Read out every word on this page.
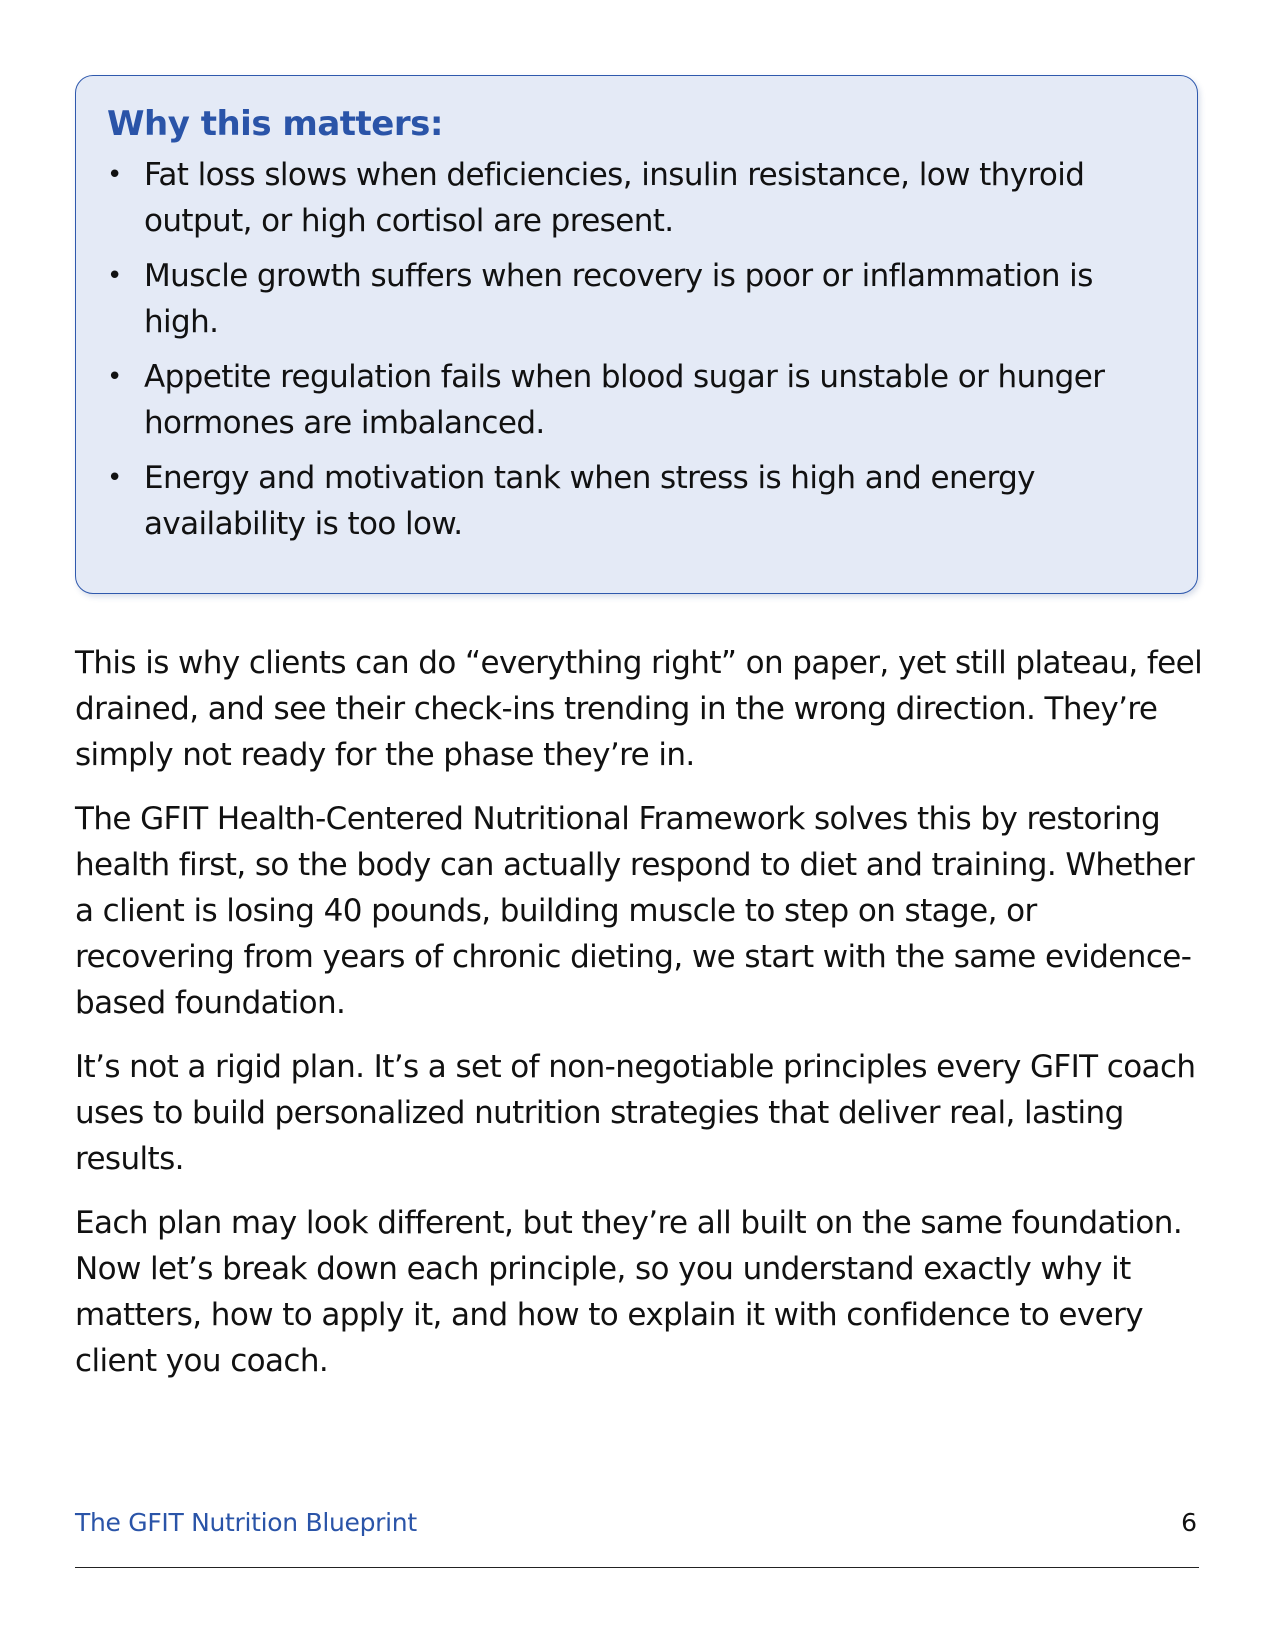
Why this matters:
• Fat loss slows when deficiencies, insulin resistance, low thyroid output, or high cortisol are present.
• Muscle growth suffers when recovery is poor or inflammation is high.
• Appetite regulation fails when blood sugar is unstable or hunger hormones are imbalanced.
• Energy and motivation tank when stress is high and energy availability is too low.

This is why clients can do “everything right” on paper, yet still plateau, feel drained, and see their check-ins trending in the wrong direction. They’re simply not ready for the phase they’re in.

The GFIT Health-Centered Nutritional Framework solves this by restoring health first, so the body can actually respond to diet and training. Whether a client is losing 40 pounds, building muscle to step on stage, or recovering from years of chronic dieting, we start with the same evidence-based foundation.

It’s not a rigid plan. It’s a set of non-negotiable principles every GFIT coach uses to build personalized nutrition strategies that deliver real, lasting results.

Each plan may look different, but they’re all built on the same foundation. Now let’s break down each principle, so you understand exactly why it matters, how to apply it, and how to explain it with confidence to every client you coach.

The GFIT Nutrition Blueprint	6
